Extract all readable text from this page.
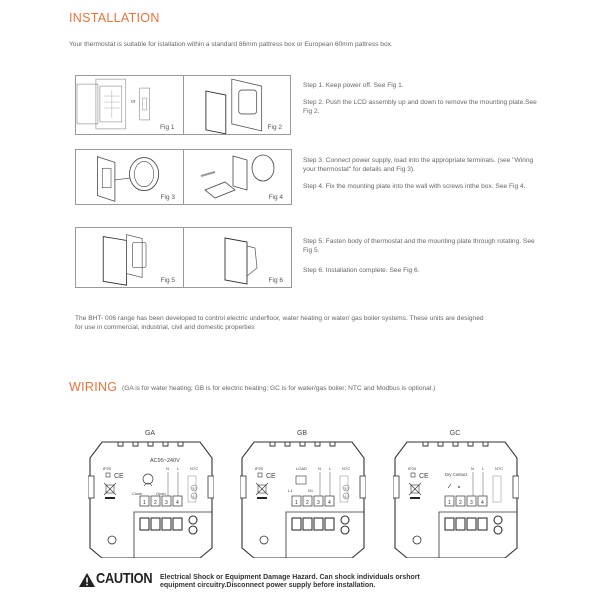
INSTALLATION
Your thermostat is suitable for istallation within a standard 86mm pattress box or European 60mm pattress box.
or
Fig 1	Fig 2
Step 1. Keep power off. See Fig 1.
Step 2. Push the LCD assembly up and down to remove the mounting plate.See Fig 2.
Fig 3	Fig 4
Step 3. Connect power supply, load into the appropriate terminals. (see "Wiring your thermostat" for details and Fig 3).
Step 4. Fix the mounting plate into the wall with screws inthe box. See Fig 4.
Fig 5	Fig 6
Step 5. Fasten body of thermostat and the mounting plate through rotating. See Fig 5.
Step 6. Installation complete. See Fig 6.
The BHT- 006 range has been developed to control electric underfloor, water heating or water/ gas boiler systems. These units are designed for use in commercial, industrial, civil and domestic properties
WIRING (GA is for water heating; GB is for electric heating; GC is for water/gas boiler; NTC and Modbus is optional.)
GA
1 2 3 4
IP20
CE
N L	NTC
5
6
AC95~240V
Close	Open
GB
1 2 3 4
IP20
CE
N L	NTC
5
6
LOAD
L1	N1
GC
1 2 3 4
IP20
CE
N L	NTC
Dry Contact
CAUTION Electrical Shock or Equipment Damage Hazard. Can shock individuals orshort
equipment circuitry.Disconnect power supply before installation.
